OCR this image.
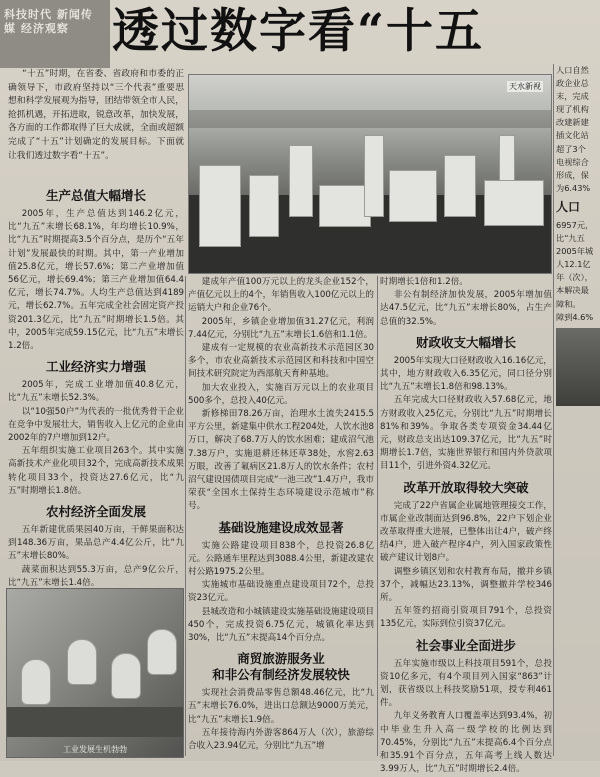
科技时代 新闻传媒 经济观察 透过数字看“十五

“十五”时期，在省委、省政府和市委的正确领导下，市政府坚持以“三个代表”重要思想和科学发展观为指导，团结带领全市人民，抢抓机遇，开拓进取，锐意改革，加快发展，各方面的工作都取得了巨大成就，全面或超额完成了“十五”计划确定的发展目标。下面就让我们透过数字看“十五”。

天水新视
生产总值大幅增长

2005年，生产总值达到146.2亿元，比“九五”末增长68.1%，年均增长10.9%，比“九五”时期提高3.5个百分点，是历个“五年计划”发展最快的时期。其中，第一产业增加值25.8亿元，增长57.6%；第二产业增加值56亿元，增长69.4%；第三产业增加值64.4亿元，增长74.7%。人均生产总值达到4189元，增长62.7%。五年完成全社会固定资产投资201.3亿元，比“九五”时期增长1.5倍。其中，2005年完成59.15亿元，比“九五”末增长1.2倍。

工业经济实力增强

2005年，完成工业增加值40.8亿元，比“九五”末增长52.3%。

以“10强50户”为代表的一批优秀骨干企业在竞争中发展壮大，销售收入上亿元的企业由2002年的7户增加到12户。

五年组织实施工业项目263个。其中实施高新技术产业化项目32个，完成高新技术成果转化项目33个，投资达27.6亿元，比“九五”时期增长1.8倍。

农村经济全面发展

五年新建优质果园40万亩，干鲜果面积达到148.36万亩，果品总产4.4亿公斤，比“九五”末增长80%。

蔬菜面积达到55.3万亩，总产9亿公斤，比“九五”末增长1.4倍。

工业发展生机勃勃

建成年产值100万元以上的龙头企业152个，产值亿元以上的4个，年销售收入100亿元以上的运销大户和企业76个。

2005年，乡镇企业增加值31.27亿元，利润7.44亿元，分别比“九五”末增长1.6倍和1.1倍。

建成有一定规模的农业高新技术示范园区30多个，市农业高新技术示范园区和科技和中国空间技术研究院定为西部航天育种基地。

加大农业投入，实施百万元以上的农业项目500多个，总投入40亿元。

新修梯田78.26万亩，治理水土流失2415.5平方公里，新建集中供水工程204处，人饮水池8万口，解决了68.7万人的饮水困难；建成沼气池7.38万户，实施退耕还林还草38处，水窖2.63万眼，改善了氟病区21.8万人的饮水条件；农村沼气建设国债项目完成“一池三改”1.4万户，我市荣获“全国水土保持生态环境建设示范城市”称号。

基础设施建设成效显著

实施公路建设项目838个，总投资26.8亿元。公路通车里程达到3088.4公里，新建改建农村公路1975.2公里。

实施城市基础设施重点建设项目72个，总投资23亿元。

县城改造和小城镇建设实施基础设施建设项目450个，完成投资6.75亿元，城镇化率达到30%，比“九五”末提高14个百分点。

商贸旅游服务业
和非公有制经济发展较快

实现社会消费品零售总额48.46亿元，比“九五”末增长76.0%，进出口总额达9000万美元，比“九五”末增长1.9倍。

五年接待海内外游客864万人（次），旅游综合收入23.94亿元，分别比“九五”增

时期增长1倍和1.2倍。

非公有制经济加快发展，2005年增加值达47.5亿元，比“九五”末增长80%，占生产总值的32.5%。

财政收支大幅增长

2005年实现大口径财政收入16.16亿元，其中，地方财政收入6.35亿元，同口径分别比“九五”末增长1.8倍和98.13%。

五年完成大口径财政收入57.68亿元，地方财政收入25亿元，分别比“九五”时期增长81%和39%。争取各类专项资金34.44亿元，财政总支出达109.37亿元，比“九五”时期增长1.7倍，实施世界银行和国内外贷款项目11个，引进外资4.32亿元。

改革开放取得较大突破

完成了22户省属企业属地管理接交工作，市属企业改制面达到96.8%，22户下划企业改革取得重大进展，已整体出让4户，破产终结4户，进入破产程序4户，列入国家政策性破产建议计划8户。

调整乡镇区划和农村教育布局，撤并乡镇37个，减幅达23.13%，调整撤并学校346所。

五年签约招商引资项目791个，总投资135亿元，实际到位引资37亿元。

社会事业全面进步

五年实施市级以上科技项目591个，总投资10亿多元，有4个项目列入国家“863”计划，获省级以上科技奖励51项，授专利461件。

九年义务教育人口覆盖率达到93.4%，初中毕业生升入高一级学校的比例达到70.45%，分别比“九五”末提高6.4个百分点和35.91个百分点，五年高考上线人数达3.99万人，比“九五”时期增长2.4倍。

人口自然

政企业总

末，完成

现了机构

改建新建

插文化站

超了3个

电视综合

形成，保

为6.43%

人口

6957元，

比“九五

2005年城

人12.1亿

年（次），

本解决最

障和。

障到4.6%
